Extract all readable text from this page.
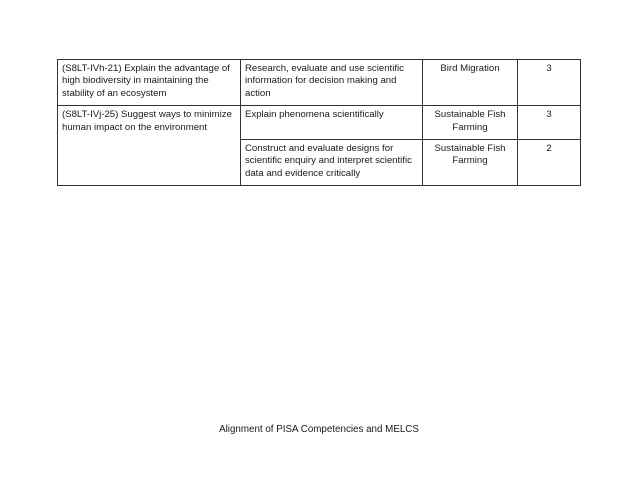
(S8LT-IVh-21) Explain the advantage of high biodiversity in maintaining the stability of an ecosystem	Research, evaluate and use scientific information for decision making and action	Bird Migration	3
(S8LT-IVj-25) Suggest ways to minimize human impact on the environment	Explain phenomena scientifically	Sustainable Fish Farming	3
	Construct and evaluate designs for scientific enquiry and interpret scientific data and evidence critically	Sustainable Fish Farming	2
Alignment of PISA Competencies and MELCS
